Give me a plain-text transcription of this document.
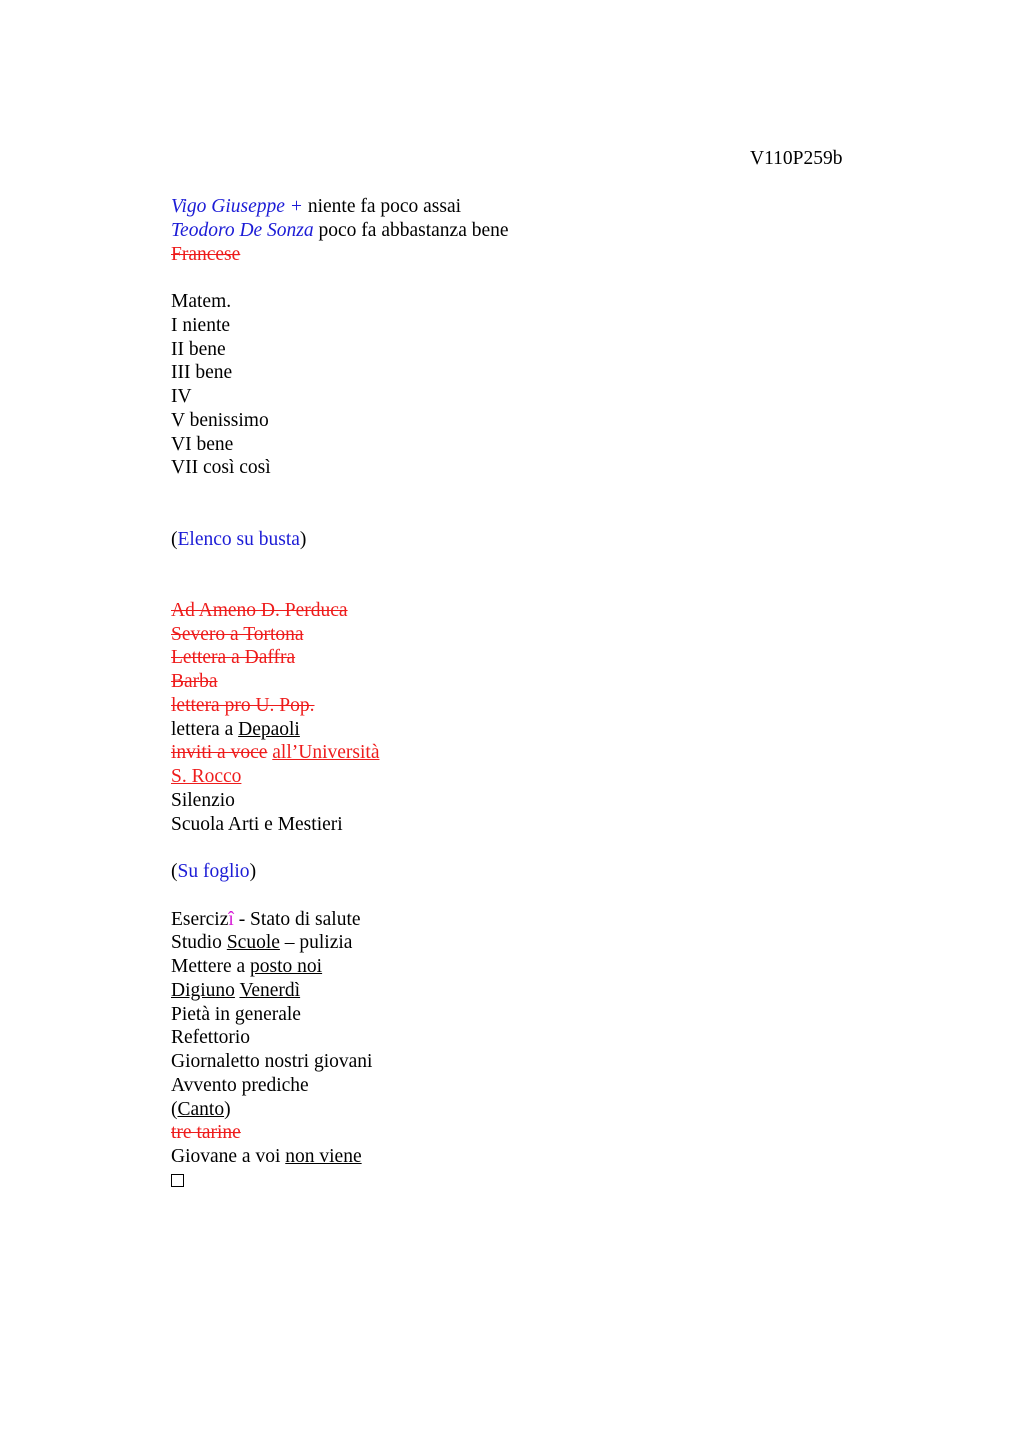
V110P259b
Vigo Giuseppe + niente fa poco assai
Teodoro De Sonza poco fa abbastanza bene
Francese
Matem.
I niente
II bene
III bene
IV
V benissimo
VI bene
VII così così
(Elenco su busta)
Ad Ameno D. Perduca
Severo a Tortona
Lettera a Daffra
Barba
lettera pro U. Pop.
lettera a Depaoli
inviti a voce all’Università
S. Rocco
Silenzio
Scuola Arti e Mestieri
(Su foglio)
Esercizî - Stato di salute
Studio Scuole – pulizia
Mettere a posto noi
Digiuno Venerdì
Pietà in generale
Refettorio
Giornaletto nostri giovani
Avvento prediche
(Canto)
tre tarine
Giovane a voi non viene
